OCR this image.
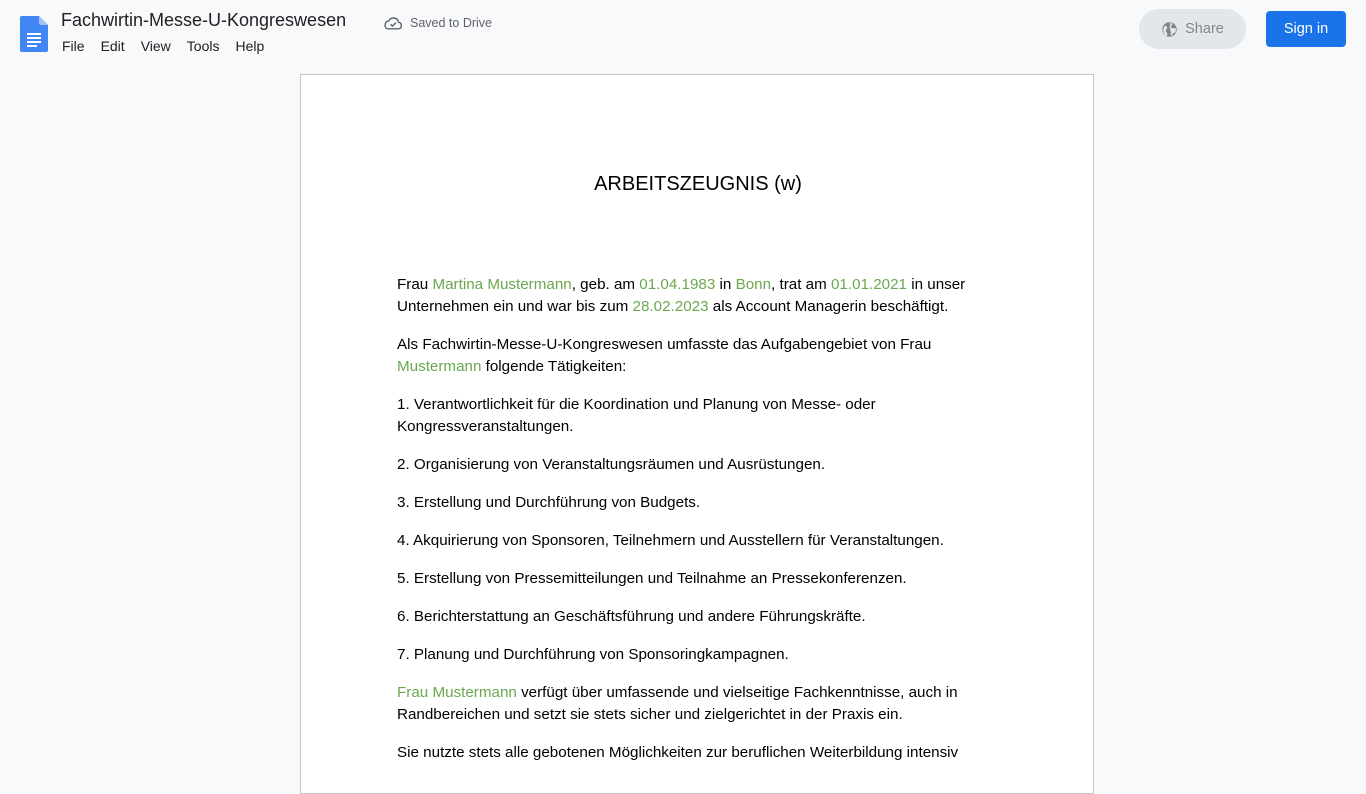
Fachwirtin-Messe-U-Kongreswesen	Saved to Drive
File	Edit	View	Tools	Help
Share	Sign in
ARBEITSZEUGNIS (w)

Frau Martina Mustermann, geb. am 01.04.1983 in Bonn, trat am 01.01.2021 in unser Unternehmen ein und war bis zum 28.02.2023 als Account Managerin beschäftigt.

Als Fachwirtin-Messe-U-Kongreswesen umfasste das Aufgabengebiet von Frau Mustermann folgende Tätigkeiten:

1. Verantwortlichkeit für die Koordination und Planung von Messe- oder Kongressveranstaltungen.

2. Organisierung von Veranstaltungsräumen und Ausrüstungen.

3. Erstellung und Durchführung von Budgets.

4. Akquirierung von Sponsoren, Teilnehmern und Ausstellern für Veranstaltungen.

5. Erstellung von Pressemitteilungen und Teilnahme an Pressekonferenzen.

6. Berichterstattung an Geschäftsführung und andere Führungskräfte.

7. Planung und Durchführung von Sponsoringkampagnen.

Frau Mustermann verfügt über umfassende und vielseitige Fachkenntnisse, auch in Randbereichen und setzt sie stets sicher und zielgerichtet in der Praxis ein.

Sie nutzte stets alle gebotenen Möglichkeiten zur beruflichen Weiterbildung intensiv
